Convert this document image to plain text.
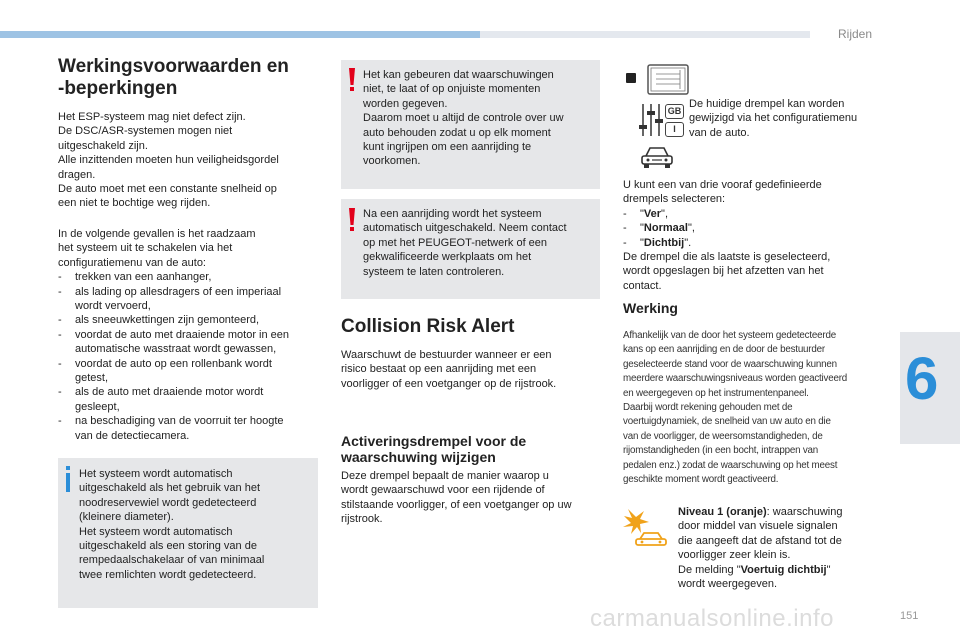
Rijden
6
151
carmanualsonline.info
Werkingsvoorwaarden en
-beperkingen
Het ESP-systeem mag niet defect zijn.
De DSC/ASR-systemen mogen niet
uitgeschakeld zijn.
Alle inzittenden moeten hun veiligheidsgordel
dragen.
De auto moet met een constante snelheid op
een niet te bochtige weg rijden.
In de volgende gevallen is het raadzaam
het systeem uit te schakelen via het
configuratiemenu van de auto:
- trekken van een aanhanger,
- als lading op allesdragers of een imperiaal
wordt vervoerd,
- als sneeuwkettingen zijn gemonteerd,
- voordat de auto met draaiende motor in een
automatische wasstraat wordt gewassen,
- voordat de auto op een rollenbank wordt
getest,
- als de auto met draaiende motor wordt
gesleept,
- na beschadiging van de voorruit ter hoogte
van de detectiecamera.
Het systeem wordt automatisch
uitgeschakeld als het gebruik van het
noodreservewiel wordt gedetecteerd
(kleinere diameter).
Het systeem wordt automatisch
uitgeschakeld als een storing van de
rempedaalschakelaar of van minimaal
twee remlichten wordt gedetecteerd.
Het kan gebeuren dat waarschuwingen
niet, te laat of op onjuiste momenten
worden gegeven.
Daarom moet u altijd de controle over uw
auto behouden zodat u op elk moment
kunt ingrijpen om een aanrijding te
voorkomen.
Na een aanrijding wordt het systeem
automatisch uitgeschakeld. Neem contact
op met het PEUGEOT-netwerk of een
gekwalificeerde werkplaats om het
systeem te laten controleren.
Collision Risk Alert
Waarschuwt de bestuurder wanneer er een
risico bestaat op een aanrijding met een
voorligger of een voetganger op de rijstrook.
Activeringsdrempel voor de
waarschuwing wijzigen
Deze drempel bepaalt de manier waarop u
wordt gewaarschuwd voor een rijdende of
stilstaande voorligger, of een voetganger op uw
rijstrook.
GB
I
De huidige drempel kan worden
gewijzigd via het configuratiemenu
van de auto.
U kunt een van drie vooraf gedefinieerde
drempels selecteren:
- "Ver",
- "Normaal",
- "Dichtbij".
De drempel die als laatste is geselecteerd,
wordt opgeslagen bij het afzetten van het
contact.
Werking
Afhankelijk van de door het systeem gedetecteerde
kans op een aanrijding en de door de bestuurder
geselecteerde stand voor de waarschuwing kunnen
meerdere waarschuwingsniveaus worden geactiveerd
en weergegeven op het instrumentenpaneel.
Daarbij wordt rekening gehouden met de
voertuigdynamiek, de snelheid van uw auto en die
van de voorligger, de weersomstandigheden, de
rijomstandigheden (in een bocht, intrappen van
pedalen enz.) zodat de waarschuwing op het meest
geschikte moment wordt geactiveerd.
Niveau 1 (oranje): waarschuwing
door middel van visuele signalen
die aangeeft dat de afstand tot de
voorligger zeer klein is.
De melding "Voertuig dichtbij"
wordt weergegeven.
